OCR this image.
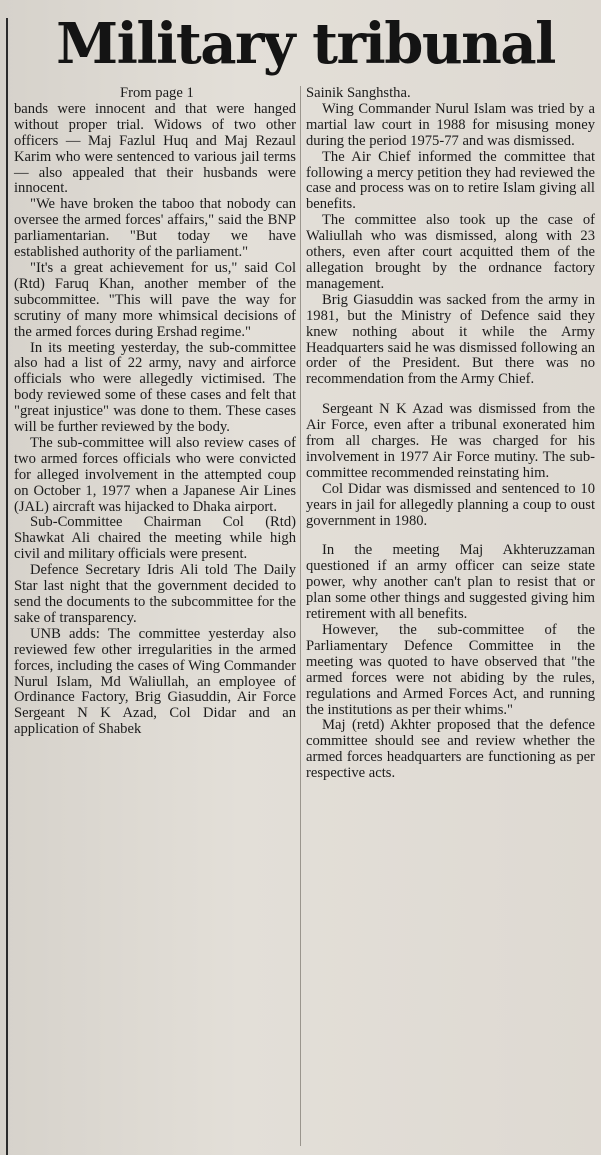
Military tribunal

From page 1

bands were innocent and that were hanged without proper trial. Widows of two other officers — Maj Fazlul Huq and Maj Rezaul Karim who were sentenced to various jail terms — also appealed that their husbands were innocent.

"We have broken the taboo that nobody can oversee the armed forces' affairs," said the BNP parliamentarian. "But today we have established authority of the parliament."

"It's a great achievement for us," said Col (Rtd) Faruq Khan, another member of the subcommittee. "This will pave the way for scrutiny of many more whimsical decisions of the armed forces during Ershad regime."

In its meeting yesterday, the sub-committee also had a list of 22 army, navy and airforce officials who were allegedly victimised. The body reviewed some of these cases and felt that "great injustice" was done to them. These cases will be further reviewed by the body.

The sub-committee will also review cases of two armed forces officials who were convicted for alleged involvement in the attempted coup on October 1, 1977 when a Japanese Air Lines (JAL) aircraft was hijacked to Dhaka airport.

Sub-Committee Chairman Col (Rtd) Shawkat Ali chaired the meeting while high civil and military officials were present.

Defence Secretary Idris Ali told The Daily Star last night that the government decided to send the documents to the subcommittee for the sake of transparency.

UNB adds: The committee yesterday also reviewed few other irregularities in the armed forces, including the cases of Wing Commander Nurul Islam, Md Waliullah, an employee of Ordinance Factory, Brig Giasuddin, Air Force Sergeant N K Azad, Col Didar and an application of Shabek

Sainik Sanghstha.

Wing Commander Nurul Islam was tried by a martial law court in 1988 for misusing money during the period 1975-77 and was dismissed.

The Air Chief informed the committee that following a mercy petition they had reviewed the case and process was on to retire Islam giving all benefits.

The committee also took up the case of Waliullah who was dismissed, along with 23 others, even after court acquitted them of the allegation brought by the ordnance factory management.

Brig Giasuddin was sacked from the army in 1981, but the Ministry of Defence said they knew nothing about it while the Army Headquarters said he was dismissed following an order of the President. But there was no recommendation from the Army Chief.

Sergeant N K Azad was dismissed from the Air Force, even after a tribunal exonerated him from all charges. He was charged for his involvement in 1977 Air Force mutiny. The sub-committee recommended reinstating him.

Col Didar was dismissed and sentenced to 10 years in jail for allegedly planning a coup to oust government in 1980.

In the meeting Maj Akhteruzzaman questioned if an army officer can seize state power, why another can't plan to resist that or plan some other things and suggested giving him retirement with all benefits.

However, the sub-committee of the Parliamentary Defence Committee in the meeting was quoted to have observed that "the armed forces were not abiding by the rules, regulations and Armed Forces Act, and running the institutions as per their whims."

Maj (retd) Akhter proposed that the defence committee should see and review whether the armed forces headquarters are functioning as per respective acts.
